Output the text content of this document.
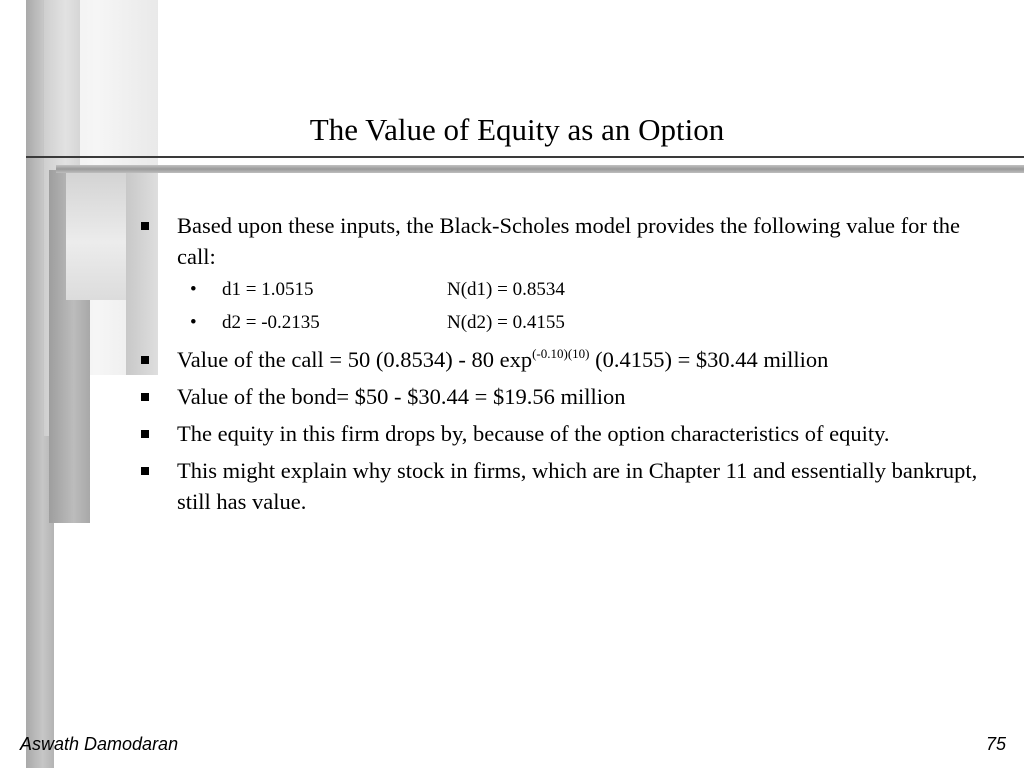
The Value of Equity as an Option
Based upon these inputs, the Black-Scholes model provides the following value for the call:
• d1 = 1.0515	N(d1) = 0.8534
• d2 = -0.2135	N(d2) = 0.4155
Value of the call = 50 (0.8534) - 80 $\exp^{(-0.10)(10)} (0.4155)$ = $30.44 million
Value of the bond= $50 - $30.44 = $19.56 million
The equity in this firm drops by, because of the option characteristics of equity.
This might explain why stock in firms, which are in Chapter 11 and essentially bankrupt, still has value.
Aswath Damodaran	75
